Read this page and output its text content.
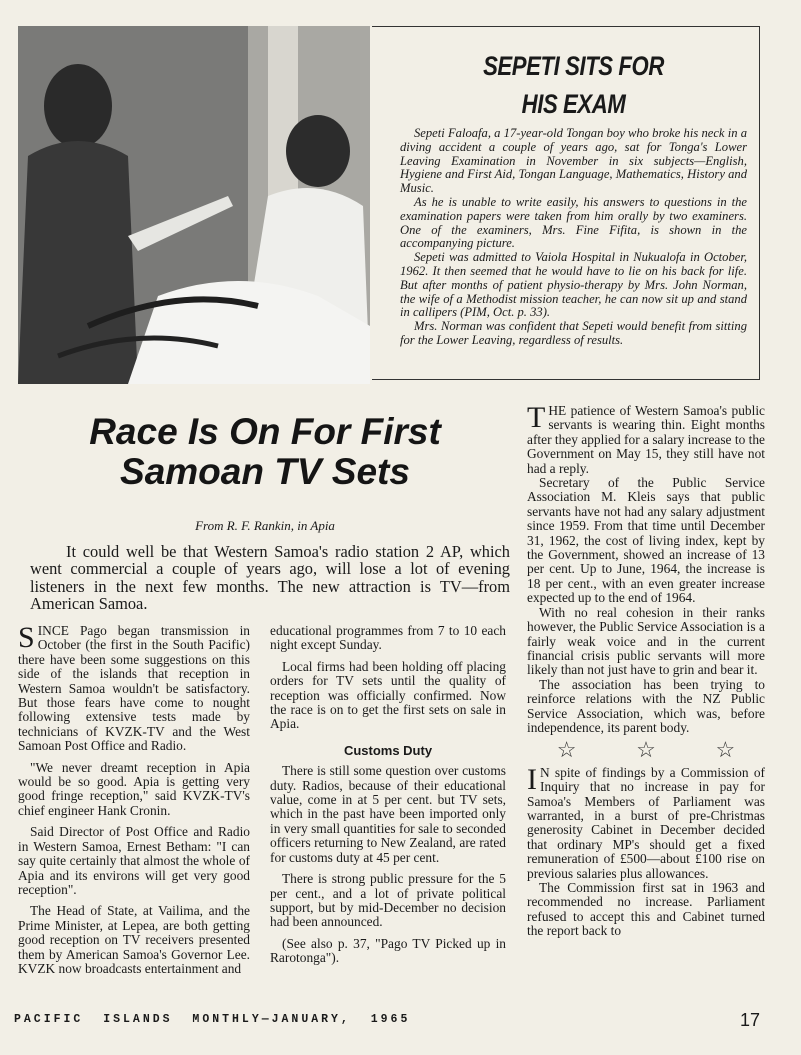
SEPETI SITS FOR
HIS EXAM

Sepeti Faloafa, a 17-year-old Tongan boy who broke his neck in a diving accident a couple of years ago, sat for Tonga's Lower Leaving Examination in November in six subjects—English, Hygiene and First Aid, Tongan Language, Mathematics, History and Music.

As he is unable to write easily, his answers to questions in the examination papers were taken from him orally by two examiners. One of the examiners, Mrs. Fine Fifita, is shown in the accompanying picture.

Sepeti was admitted to Vaiola Hospital in Nukualofa in October, 1962. It then seemed that he would have to lie on his back for life. But after months of patient physio-therapy by Mrs. John Norman, the wife of a Methodist mission teacher, he can now sit up and stand in callipers (PIM, Oct. p. 33).

Mrs. Norman was confident that Sepeti would benefit from sitting for the Lower Leaving, regardless of results.

Race Is On For First
Samoan TV Sets
From R. F. Rankin, in Apia

It could well be that Western Samoa's radio station 2 AP, which went commercial a couple of years ago, will lose a lot of evening listeners in the next few months. The new attraction is TV—from American Samoa.

SINCE Pago began transmission in October (the first in the South Pacific) there have been some suggestions on this side of the islands that reception in Western Samoa wouldn't be satisfactory. But those fears have come to nought following extensive tests made by technicians of KVZK-TV and the West Samoan Post Office and Radio.

"We never dreamt reception in Apia would be so good. Apia is getting very good fringe reception," said KVZK-TV's chief engineer Hank Cronin.

Said Director of Post Office and Radio in Western Samoa, Ernest Betham: "I can say quite certainly that almost the whole of Apia and its environs will get very good reception".

The Head of State, at Vailima, and the Prime Minister, at Lepea, are both getting good reception on TV receivers presented them by American Samoa's Governor Lee. KVZK now broadcasts entertainment and

educational programmes from 7 to 10 each night except Sunday.

Local firms had been holding off placing orders for TV sets until the quality of reception was officially confirmed. Now the race is on to get the first sets on sale in Apia.

Customs Duty

There is still some question over customs duty. Radios, because of their educational value, come in at 5 per cent. but TV sets, which in the past have been imported only in very small quantities for sale to seconded officers returning to New Zealand, are rated for customs duty at 45 per cent.

There is strong public pressure for the 5 per cent., and a lot of private political support, but by mid-December no decision had been announced.

(See also p. 37, "Pago TV Picked up in Rarotonga").

THE patience of Western Samoa's public servants is wearing thin. Eight months after they applied for a salary increase to the Government on May 15, they still have not had a reply.

Secretary of the Public Service Association M. Kleis says that public servants have not had any salary adjustment since 1959. From that time until December 31, 1962, the cost of living index, kept by the Government, showed an increase of 13 per cent. Up to June, 1964, the increase is 18 per cent., with an even greater increase expected up to the end of 1964.

With no real cohesion in their ranks however, the Public Service Association is a fairly weak voice and in the current financial crisis public servants will more likely than not just have to grin and bear it.

The association has been trying to reinforce relations with the NZ Public Service Association, which was, before independence, its parent body.

☆	☆	☆

I N spite of findings by a Commission of Inquiry that no increase in pay for Samoa's Members of Parliament was warranted, in a burst of pre-Christmas generosity Cabinet in December decided that ordinary MP's should get a fixed remuneration of £500—about £100 rise on previous salaries plus allowances.

The Commission first sat in 1963 and recommended no increase. Parliament refused to accept this and Cabinet turned the report back to

PACIFIC ISLANDS MONTHLY—JANUARY, 1965	17
